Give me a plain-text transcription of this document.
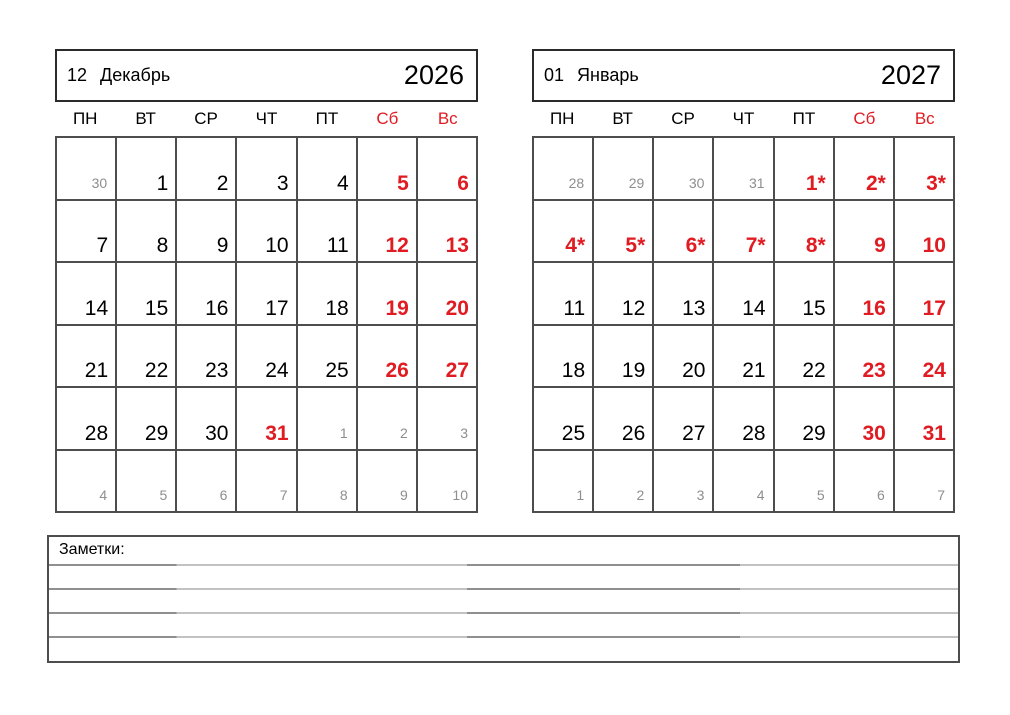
12 Декабрь	2026
ПН	ВТ	СР	ЧТ	ПТ	Сб	Вс
30	1	2	3	4	5	6
7	8	9	10	11	12	13
14	15	16	17	18	19	20
21	22	23	24	25	26	27
28	29	30	31	1	2	3
4	5	6	7	8	9	10
01 Январь	2027
ПН	ВТ	СР	ЧТ	ПТ	Сб	Вс
28	29	30	31	1*	2*	3*
4*	5*	6*	7*	8*	9	10
11	12	13	14	15	16	17
18	19	20	21	22	23	24
25	26	27	28	29	30	31
1	2	3	4	5	6	7
Заметки:
